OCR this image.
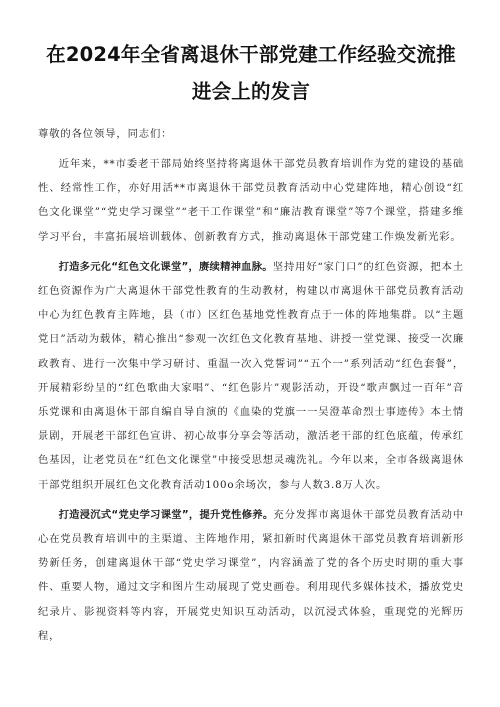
在2024年全省离退休干部党建工作经验交流推进会上的发言

尊敬的各位领导，同志们：

近年来，**市委老干部局始终坚持将离退休干部党员教育培训作为党的建设的基础性、经常性工作，亦好用活**市离退休干部党员教育活动中心党建阵地，精心创设“红色文化课堂”“党史学习课堂”“老干工作课堂”和“廉洁教育课堂”等7个课堂，搭建多维学习平台，丰富拓展培训载体、创新教育方式，推动离退休干部党建工作焕发新光彩。

打造多元化“红色文化课堂”，赓续精神血脉。坚持用好“家门口”的红色资源，把本土红色资源作为广大离退休干部党性教育的生动教材，构建以市离退休干部党员教育活动中心为红色教育主阵地，县（市）区红色基地党性教育点于一体的阵地集群。以“主题党日”活动为载体，精心推出“参观一次红色文化教育基地、讲授一堂党课、接受一次廉政教育、进行一次集中学习研讨、重温一次入党誓词”“五个一”系列活动“红色套餐”，开展精彩纷呈的“红色歌曲大家唱”、“红色影片”观影活动，开设“歌声飘过一百年”音乐党课和由离退休干部自编自导自演的《血染的党旗一一吴澄革命烈士事迹传》本土情景剧，开展老干部红色宣讲、初心故事分享会等活动，激活老干部的红色底蕴，传承红色基因，让老党员在“红色文化课堂”中接受思想灵魂洗礼。今年以来，全市各级离退休干部党组织开展红色文化教育活动100o余场次，参与人数3.8万人次。

打造浸沉式“党史学习课堂”，提升党性修养。充分发挥市离退休干部党员教育活动中心在党员教育培训中的主渠道、主阵地作用，紧扣新时代离退休干部党员教育培训新形势新任务，创建离退休干部“党史学习课堂”，内容涵盖了党的各个历史时期的重大事件、重要人物，通过文字和图片生动展现了党史画卷。利用现代多媒体技术，播放党史纪录片、影视资料等内容，开展党史知识互动活动，以沉浸式体验，重现党的光辉历程，
